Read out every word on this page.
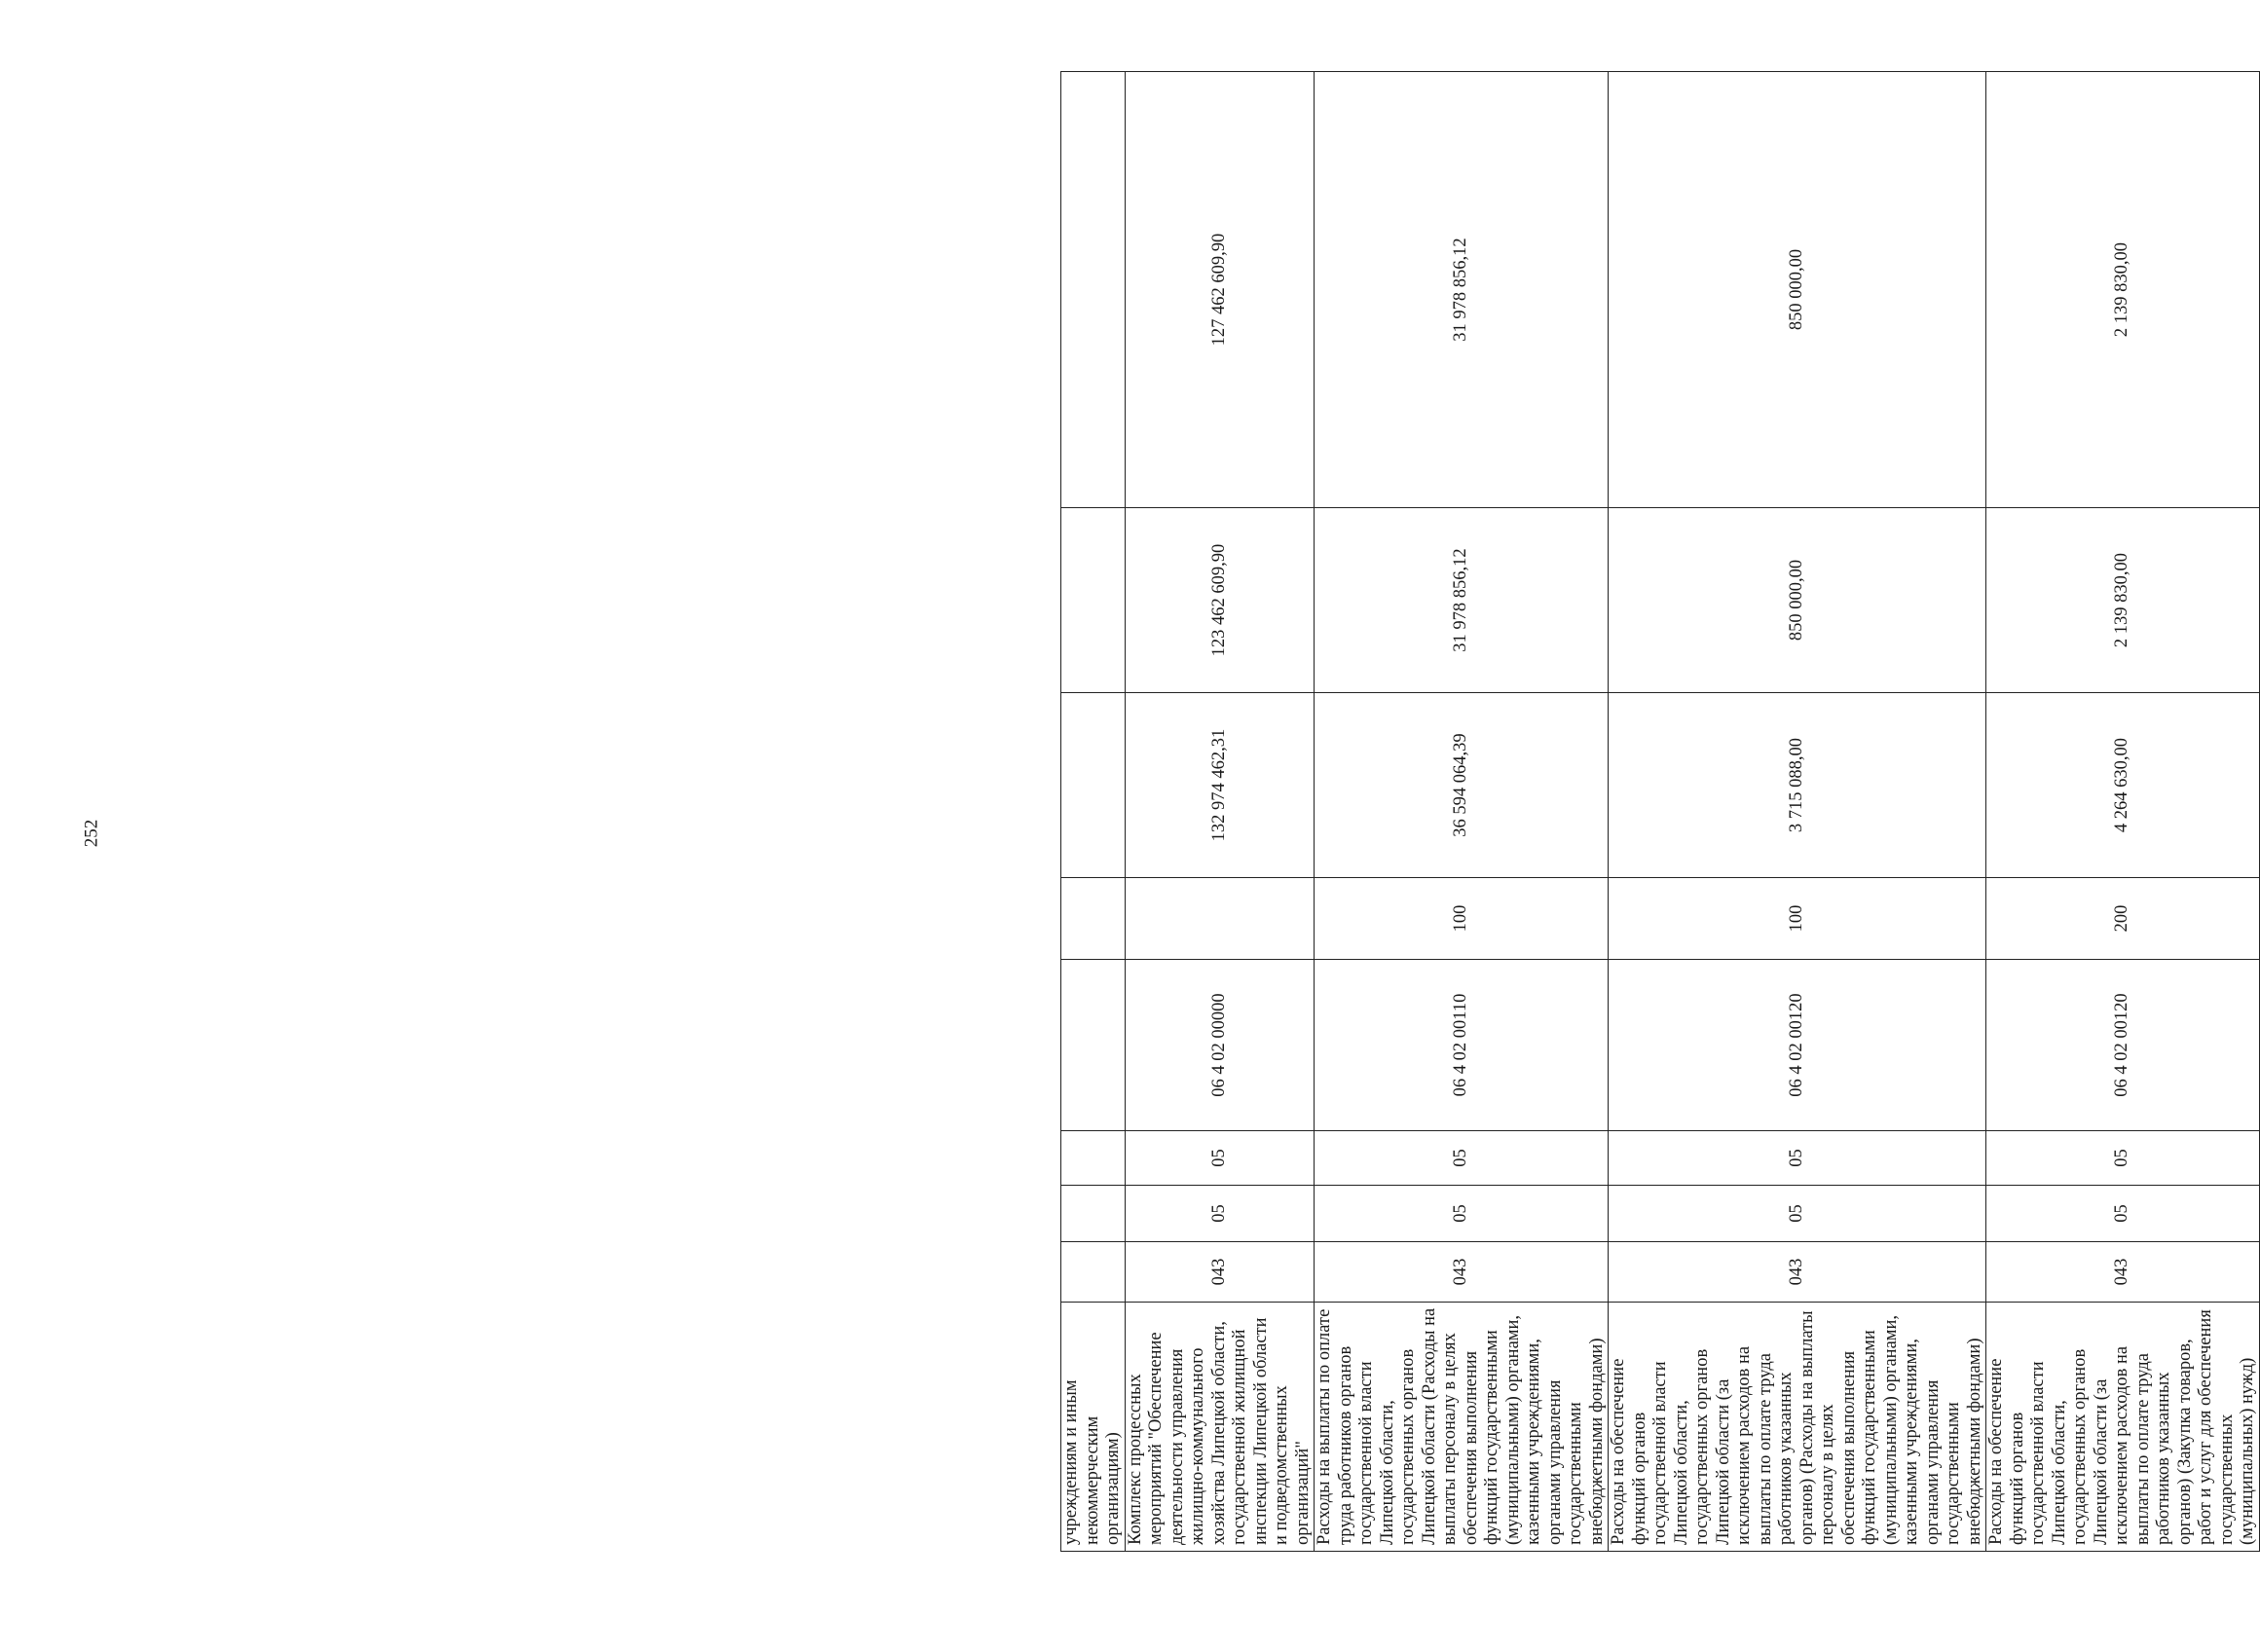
252
учреждениям и иным некоммерческим организациям)								
Комплекс процессных мероприятий "Обеспечение деятельности управления жилищно-коммунального хозяйства Липецкой области, государственной жилищной инспекции Липецкой области и подведомственных организаций"	043	05	05	06 4 02 00000		132 974 462,31	123 462 609,90	127 462 609,90
Расходы на выплаты по оплате труда работников органов государственной власти Липецкой области, государственных органов Липецкой области (Расходы на выплаты персоналу в целях обеспечения выполнения функций государственными (муниципальными) органами, казенными учреждениями, органами управления государственными внебюджетными фондами)	043	05	05	06 4 02 00110	100	36 594 064,39	31 978 856,12	31 978 856,12
Расходы на обеспечение функций органов государственной власти Липецкой области, государственных органов Липецкой области (за исключением расходов на выплаты по оплате труда работников указанных органов) (Расходы на выплаты персоналу в целях обеспечения выполнения функций государственными (муниципальными) органами, казенными учреждениями, органами управления государственными внебюджетными фондами)	043	05	05	06 4 02 00120	100	3 715 088,00	850 000,00	850 000,00
Расходы на обеспечение функций органов государственной власти Липецкой области, государственных органов Липецкой области (за исключением расходов на выплаты по оплате труда работников указанных органов) (Закупка товаров, работ и услуг для обеспечения государственных (муниципальных) нужд)	043	05	05	06 4 02 00120	200	4 264 630,00	2 139 830,00	2 139 830,00
